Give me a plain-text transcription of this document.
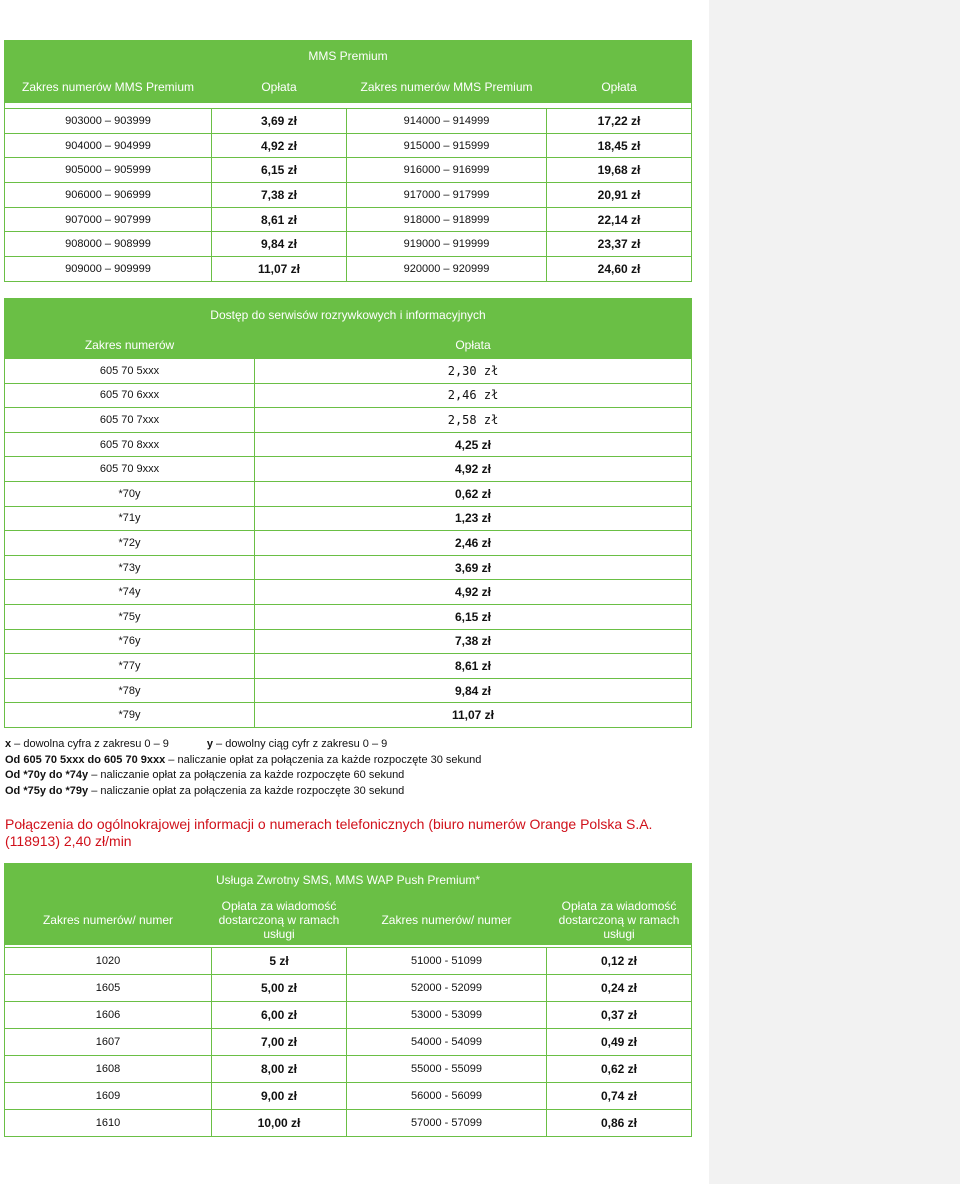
MMS Premium			
Zakres numerów MMS Premium	Opłata	Zakres numerów MMS Premium	Opłata

903000 – 903999	3,69 zł	914000 – 914999	17,22 zł
904000 – 904999	4,92 zł	915000 – 915999	18,45 zł
905000 – 905999	6,15 zł	916000 – 916999	19,68 zł
906000 – 906999	7,38 zł	917000 – 917999	20,91 zł
907000 – 907999	8,61 zł	918000 – 918999	22,14 zł
908000 – 908999	9,84 zł	919000 – 919999	23,37 zł
909000 – 909999	11,07 zł	920000 – 920999	24,60 zł
Dostęp do serwisów rozrywkowych i informacyjnych	
Zakres numerów	Opłata
605 70 5xxx	2,30 zł
605 70 6xxx	2,46 zł
605 70 7xxx	2,58 zł
605 70 8xxx	4,25 zł
605 70 9xxx	4,92 zł
*70y	0,62 zł
*71y	1,23 zł
*72y	2,46 zł
*73y	3,69 zł
*74y	4,92 zł
*75y	6,15 zł
*76y	7,38 zł
*77y	8,61 zł
*78y	9,84 zł
*79y	11,07 zł
x – dowolna cyfra z zakresu 0 – 9	y – dowolny ciąg cyfr z zakresu 0 – 9
Od 605 70 5xxx do 605 70 9xxx – naliczanie opłat za połączenia za każde rozpoczęte 30 sekund
Od *70y do *74y – naliczanie opłat za połączenia za każde rozpoczęte 60 sekund
Od *75y do *79y – naliczanie opłat za połączenia za każde rozpoczęte 30 sekund
Połączenia do ogólnokrajowej informacji o numerach telefonicznych (biuro numerów Orange Polska S.A. (118913) 2,40 zł/min
Usługa Zwrotny SMS, MMS WAP Push Premium*			
Zakres numerów/ numer	Opłata za wiadomość dostarczoną w ramach usługi	Zakres numerów/ numer	Opłata za wiadomość dostarczoną w ramach usługi

1020	5 zł	51000 - 51099	0,12 zł
1605	5,00 zł	52000 - 52099	0,24 zł
1606	6,00 zł	53000 - 53099	0,37 zł
1607	7,00 zł	54000 - 54099	0,49 zł
1608	8,00 zł	55000 - 55099	0,62 zł
1609	9,00 zł	56000 - 56099	0,74 zł
1610	10,00 zł	57000 - 57099	0,86 zł
